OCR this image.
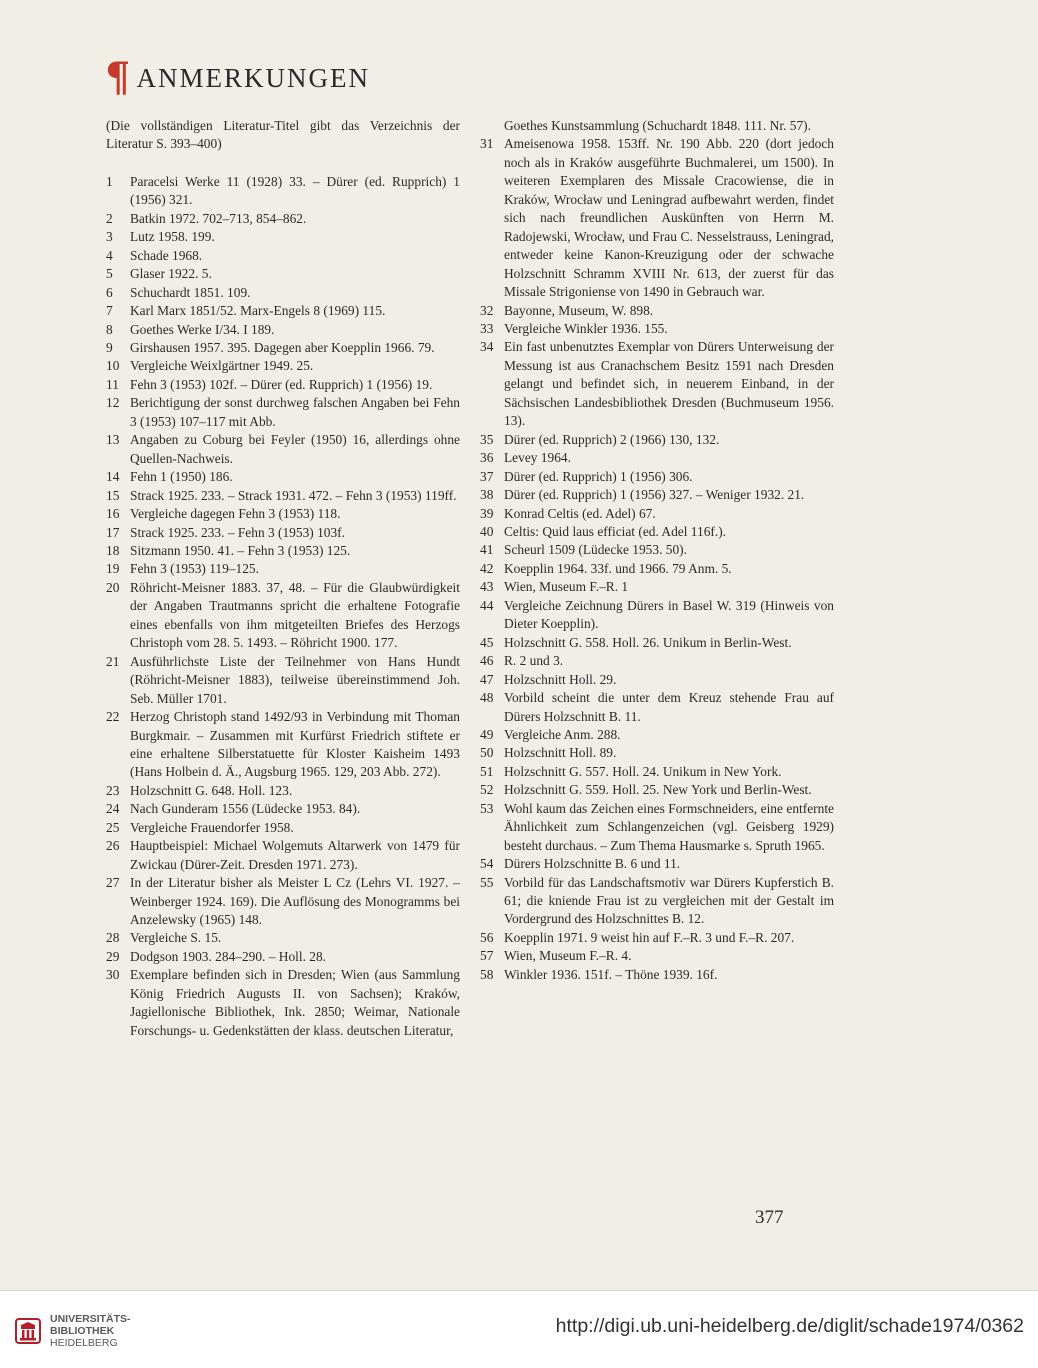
¶ ANMERKUNGEN

(Die vollständigen Literatur-Titel gibt das Verzeichnis der Literatur S. 393–400)

1	Paracelsi Werke 11 (1928) 33. – Dürer (ed. Rupprich) 1 (1956) 321.
2	Batkin 1972. 702–713, 854–862.
3	Lutz 1958. 199.
4	Schade 1968.
5	Glaser 1922. 5.
6	Schuchardt 1851. 109.
7	Karl Marx 1851/52. Marx-Engels 8 (1969) 115.
8	Goethes Werke I/34. I 189.
9	Girshausen 1957. 395. Dagegen aber Koepplin 1966. 79.
10 Vergleiche Weixlgärtner 1949. 25.
11 Fehn 3 (1953) 102f. – Dürer (ed. Rupprich) 1 (1956) 19.
12 Berichtigung der sonst durchweg falschen Angaben bei Fehn 3 (1953) 107–117 mit Abb.
13 Angaben zu Coburg bei Feyler (1950) 16, allerdings ohne Quellen-Nachweis.
14 Fehn 1 (1950) 186.
15 Strack 1925. 233. – Strack 1931. 472. – Fehn 3 (1953) 119ff.
16 Vergleiche dagegen Fehn 3 (1953) 118.
17 Strack 1925. 233. – Fehn 3 (1953) 103f.
18 Sitzmann 1950. 41. – Fehn 3 (1953) 125.
19 Fehn 3 (1953) 119–125.
20 Röhricht-Meisner 1883. 37, 48. – Für die Glaubwürdigkeit der Angaben Trautmanns spricht die erhaltene Fotografie eines ebenfalls von ihm mitgeteilten Briefes des Herzogs Christoph vom 28. 5. 1493. – Röhricht 1900. 177.
21 Ausführlichste Liste der Teilnehmer von Hans Hundt (Röhricht-Meisner 1883), teilweise übereinstimmend Joh. Seb. Müller 1701.
22 Herzog Christoph stand 1492/93 in Verbindung mit Thoman Burgkmair. – Zusammen mit Kurfürst Friedrich stiftete er eine erhaltene Silberstatuette für Kloster Kaisheim 1493 (Hans Holbein d. Ä., Augsburg 1965. 129, 203 Abb. 272).
23 Holzschnitt G. 648. Holl. 123.
24 Nach Gunderam 1556 (Lüdecke 1953. 84).
25 Vergleiche Frauendorfer 1958.
26 Hauptbeispiel: Michael Wolgemuts Altarwerk von 1479 für Zwickau (Dürer-Zeit. Dresden 1971. 273).
27 In der Literatur bisher als Meister L Cz (Lehrs VI. 1927. – Weinberger 1924. 169). Die Auflösung des Monogramms bei Anzelewsky (1965) 148.
28 Vergleiche S. 15.
29 Dodgson 1903. 284–290. – Holl. 28.
30 Exemplare befinden sich in Dresden; Wien (aus Sammlung König Friedrich Augusts II. von Sachsen); Kraków, Jagiellonische Bibliothek, Ink. 2850; Weimar, Nationale Forschungs- u. Gedenkstätten der klass. deutschen Literatur,

Goethes Kunstsammlung (Schuchardt 1848. 111. Nr. 57).

31 Ameisenowa 1958. 153ff. Nr. 190 Abb. 220 (dort jedoch noch als in Kraków ausgeführte Buchmalerei, um 1500). In weiteren Exemplaren des Missale Cracowiense, die in Kraków, Wrocław und Leningrad aufbewahrt werden, findet sich nach freundlichen Auskünften von Herrn M. Radojewski, Wrocław, und Frau C. Nesselstrauss, Leningrad, entweder keine Kanon-Kreuzigung oder der schwache Holzschnitt Schramm XVIII Nr. 613, der zuerst für das Missale Strigoniense von 1490 in Gebrauch war.
32 Bayonne, Museum, W. 898.
33 Vergleiche Winkler 1936. 155.
34 Ein fast unbenutztes Exemplar von Dürers Unterweisung der Messung ist aus Cranachschem Besitz 1591 nach Dresden gelangt und befindet sich, in neuerem Einband, in der Sächsischen Landesbibliothek Dresden (Buchmuseum 1956. 13).
35 Dürer (ed. Rupprich) 2 (1966) 130, 132.
36 Levey 1964.
37 Dürer (ed. Rupprich) 1 (1956) 306.
38 Dürer (ed. Rupprich) 1 (1956) 327. – Weniger 1932. 21.
39 Konrad Celtis (ed. Adel) 67.
40 Celtis: Quid laus efficiat (ed. Adel 116f.).
41 Scheurl 1509 (Lüdecke 1953. 50).
42 Koepplin 1964. 33f. und 1966. 79 Anm. 5.
43 Wien, Museum F.–R. 1
44 Vergleiche Zeichnung Dürers in Basel W. 319 (Hinweis von Dieter Koepplin).
45 Holzschnitt G. 558. Holl. 26. Unikum in Berlin-West.
46 R. 2 und 3.
47 Holzschnitt Holl. 29.
48 Vorbild scheint die unter dem Kreuz stehende Frau auf Dürers Holzschnitt B. 11.
49 Vergleiche Anm. 288.
50 Holzschnitt Holl. 89.
51 Holzschnitt G. 557. Holl. 24. Unikum in New York.
52 Holzschnitt G. 559. Holl. 25. New York und Berlin-West.
53 Wohl kaum das Zeichen eines Formschneiders, eine entfernte Ähnlichkeit zum Schlangenzeichen (vgl. Geisberg 1929) besteht durchaus. – Zum Thema Hausmarke s. Spruth 1965.
54 Dürers Holzschnitte B. 6 und 11.
55 Vorbild für das Landschaftsmotiv war Dürers Kupferstich B. 61; die kniende Frau ist zu vergleichen mit der Gestalt im Vordergrund des Holzschnittes B. 12.
56 Koepplin 1971. 9 weist hin auf F.–R. 3 und F.–R. 207.
57 Wien, Museum F.–R. 4.
58 Winkler 1936. 151f. – Thöne 1939. 16f.
377
UNIVERSITÄTS-
BIBLIOTHEK
HEIDELBERG
http://digi.ub.uni-heidelberg.de/diglit/schade1974/0362
